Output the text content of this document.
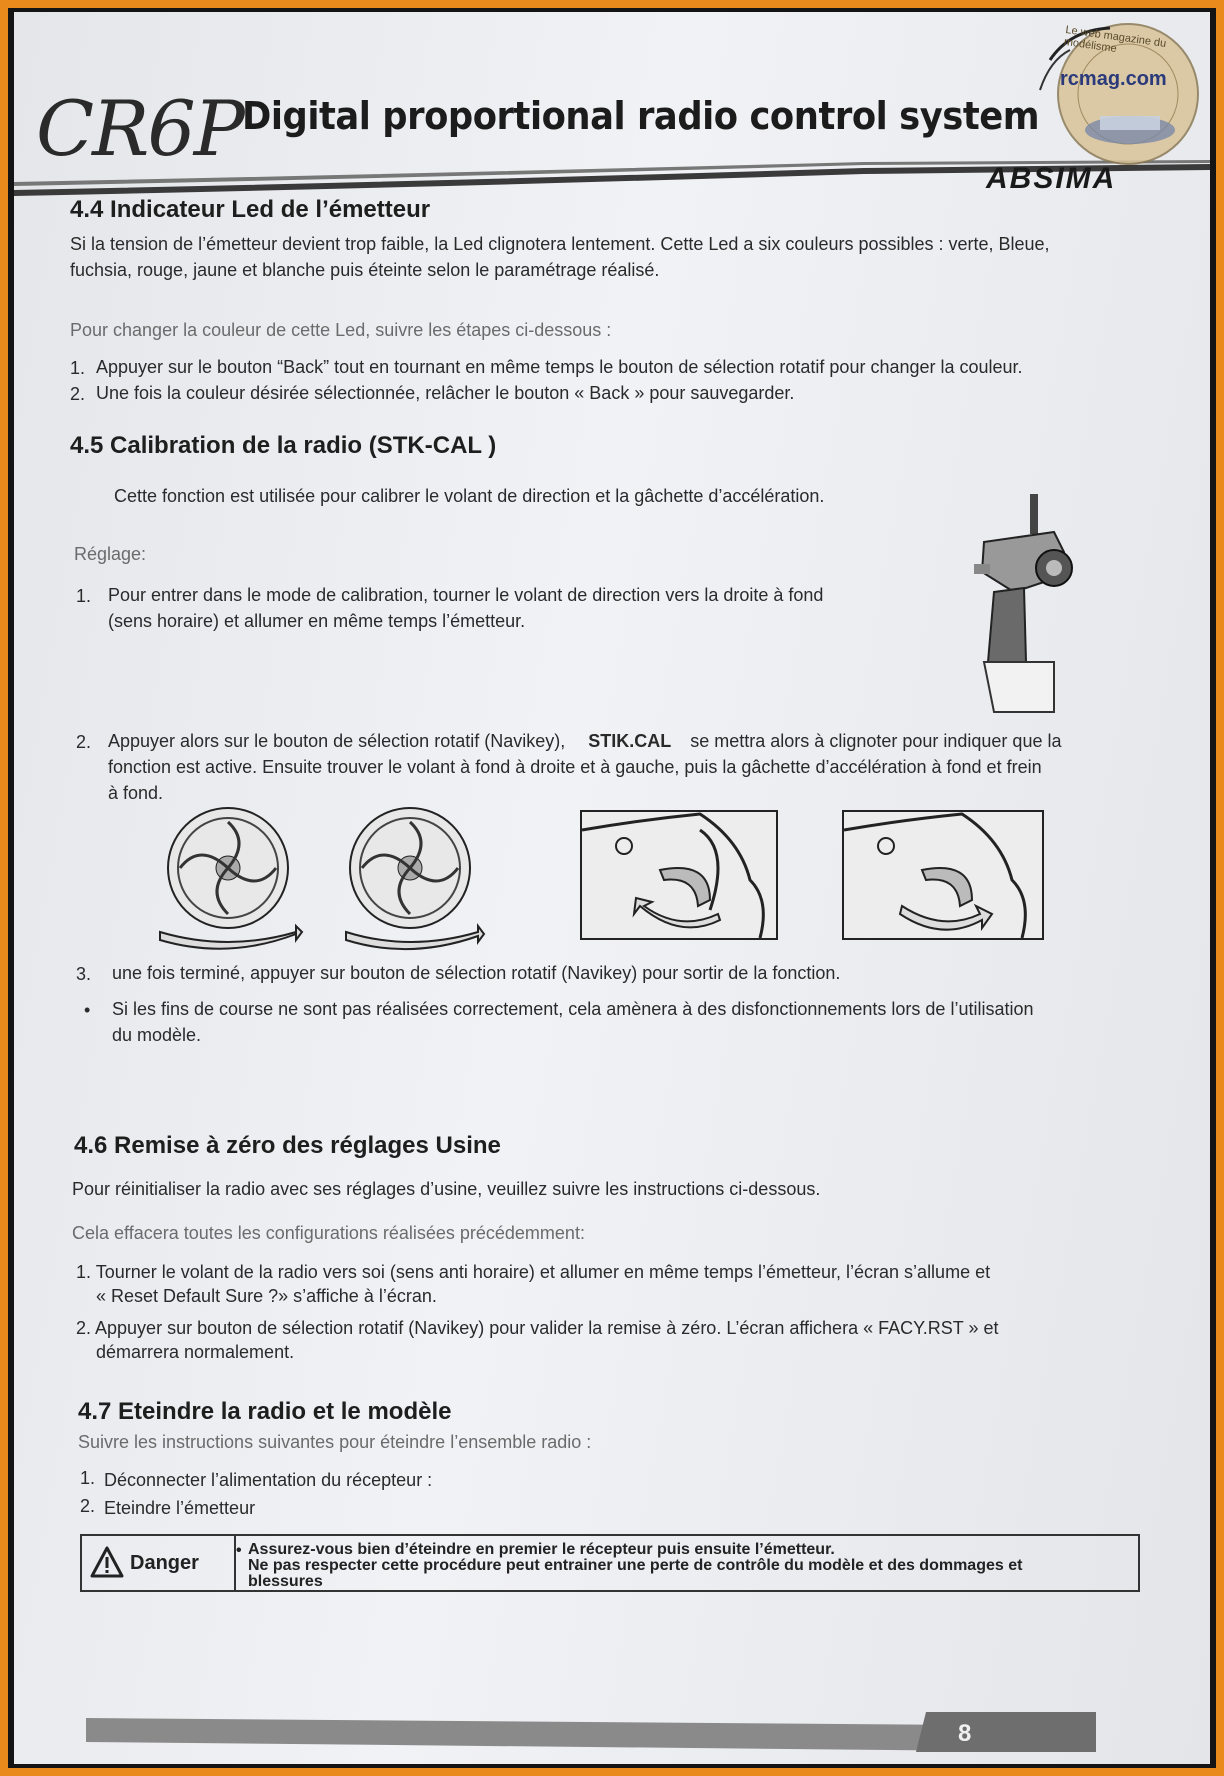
CR6P Digital proportional radio control system
Le web magazine du modélisme
rcmag.com
ABSIMA
4.4 Indicateur Led de l’émetteur
Si la tension de l’émetteur devient trop faible, la Led clignotera lentement. Cette Led a six couleurs possibles : verte, Bleue,
fuchsia, rouge, jaune et blanche puis éteinte selon le paramétrage réalisé.
Pour changer la couleur de cette Led, suivre les étapes ci-dessous :
1. Appuyer sur le bouton “Back” tout en tournant en même temps le bouton de sélection rotatif pour changer la couleur.
2. Une fois la couleur désirée sélectionnée, relâcher le bouton « Back » pour sauvegarder.
4.5 Calibration de la radio (STK-CAL )
Cette fonction est utilisée pour calibrer le volant de direction et la gâchette d’accélération.
Réglage:
1. Pour entrer dans le mode de calibration, tourner le volant de direction vers la droite à fond
(sens horaire) et allumer en même temps l’émetteur.
2. Appuyer alors sur le bouton de sélection rotatif (Navikey), STIK.CAL se mettra alors à clignoter pour indiquer que la
fonction est active. Ensuite trouver le volant à fond à droite et à gauche, puis la gâchette d’accélération à fond et frein
à fond.
3. une fois terminé, appuyer sur bouton de sélection rotatif (Navikey) pour sortir de la fonction.
• Si les fins de course ne sont pas réalisées correctement, cela amènera à des disfonctionnements lors de l’utilisation
du modèle.
4.6 Remise à zéro des réglages Usine
Pour réinitialiser la radio avec ses réglages d’usine, veuillez suivre les instructions ci-dessous.
Cela effacera toutes les configurations réalisées précédemment:
1. Tourner le volant de la radio vers soi (sens anti horaire) et allumer en même temps l’émetteur, l’écran s’allume et
« Reset Default Sure ?» s’affiche à l’écran.
2. Appuyer sur bouton de sélection rotatif (Navikey) pour valider la remise à zéro. L’écran affichera « FACY.RST » et
démarrera normalement.
4.7 Eteindre la radio et le modèle
Suivre les instructions suivantes pour éteindre l’ensemble radio :
1. Déconnecter l’alimentation du récepteur :
2. Eteindre l’émetteur
Danger
• Assurez-vous bien d’éteindre en premier le récepteur puis ensuite l’émetteur.
Ne pas respecter cette procédure peut entrainer une perte de contrôle du modèle et des dommages et
blessures
8
